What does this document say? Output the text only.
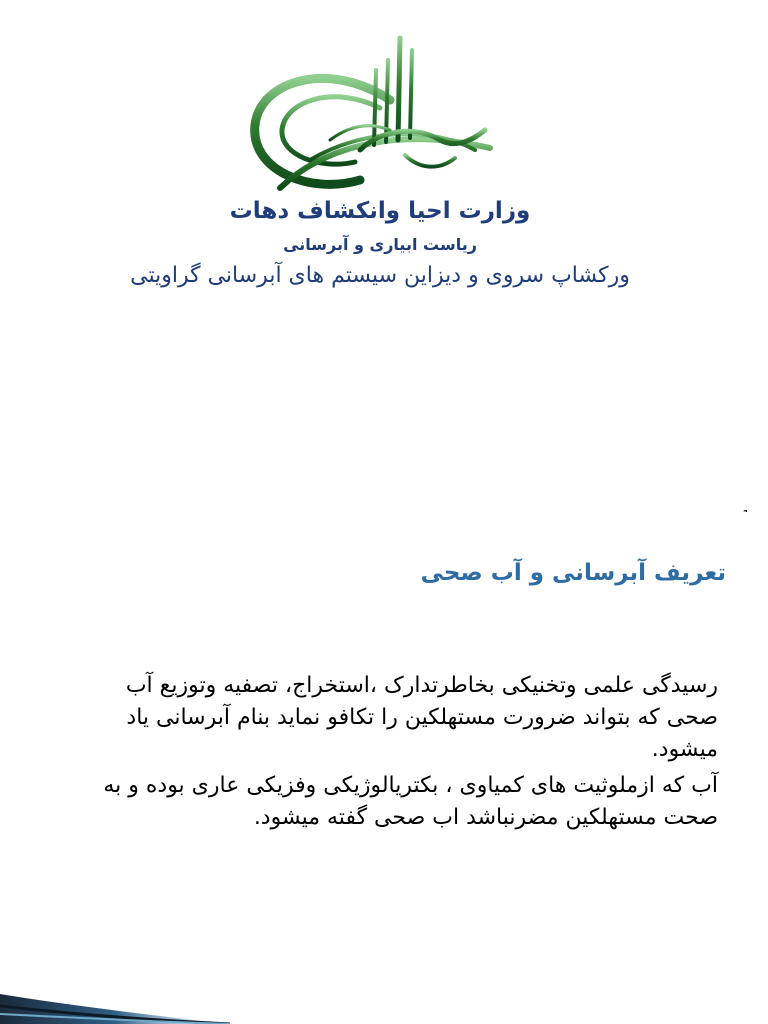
وزارت احیا وانکشاف دهات
ریاست ابیاری و آبرسانی
ورکشاپ سروی و دیزاین سیستم های آبرسانی گراویتی
تعریف آبرسانی و آب صحی

رسیدگی علمی وتخنیکی بخاطرتدارک ،استخراج، تصفیه وتوزیع آب صحی که بتواند ضرورت مستهلکین را تکافو نماید بنام آبرسانی یاد میشود.

آب که ازملوثیت های کمیاوی ، بکتریالوژیکی وفزیکی عاری بوده و به صحت مستهلکین مضرنباشد اب صحی گفته میشود.
